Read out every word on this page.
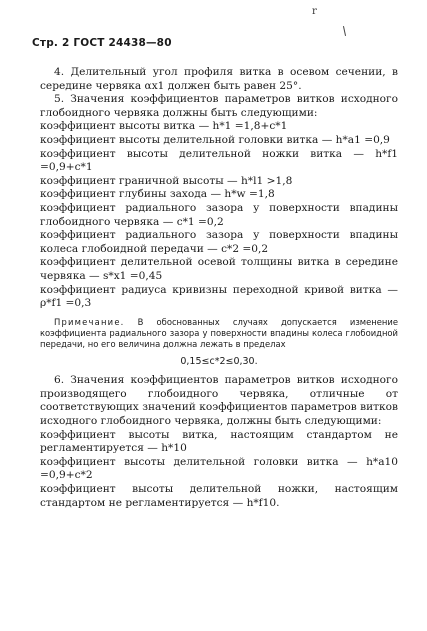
r
Стр. 2 ГОСТ 24438—80

4. Делительный угол профиля витка в осевом сечении, в середине червяка αx1 должен быть равен 25°.

5. Значения коэффициентов параметров витков исходного глобоидного червяка должны быть следующими:

коэффициент высоты витка — h*1 =1,8+c*1

коэффициент высоты делительной головки витка — h*a1 =0,9

коэффициент высоты делительной ножки витка — h*f1 =0,9+c*1

коэффициент граничной высоты — h*l1 >1,8

коэффициент глубины захода — h*w =1,8

коэффициент радиального зазора у поверхности впадины глобоидного червяка — c*1 =0,2

коэффициент радиального зазора у поверхности впадины колеса глобоидной передачи — c*2 =0,2

коэффициент делительной осевой толщины витка в середине червяка — s*x1 =0,45

коэффициент радиуса кривизны переходной кривой витка — ρ*f1 =0,3

Примечание. В обоснованных случаях допускается изменение коэффициента радиального зазора у поверхности впадины колеса глобоидной передачи, но его величина должна лежать в пределах

0,15≤c*2≤0,30.

6. Значения коэффициентов параметров витков исходного производящего глобоидного червяка, отличные от соответствующих значений коэффициентов параметров витков исходного глобоидного червяка, должны быть следующими:

коэффициент высоты витка, настоящим стандартом не регламентируется — h*10

коэффициент высоты делительной головки витка — h*a10 =0,9+c*2

коэффициент высоты делительной ножки, настоящим стандартом не регламентируется — h*f10.
